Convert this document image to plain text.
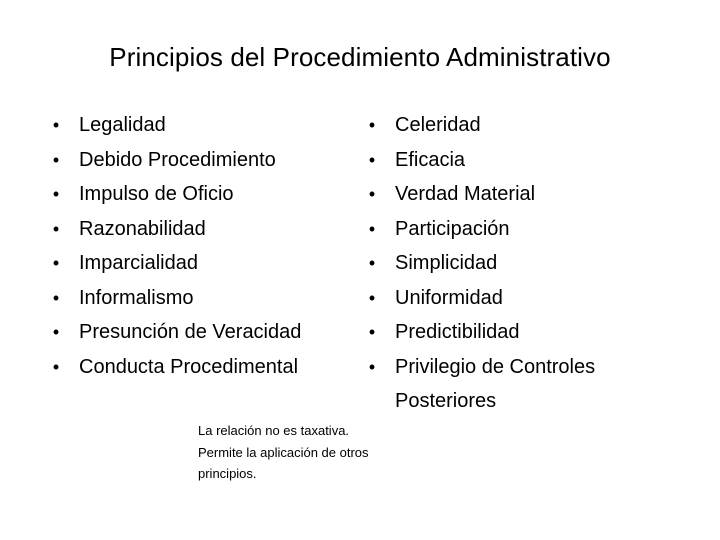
Principios del Procedimiento Administrativo
• Legalidad
• Debido Procedimiento
• Impulso de Oficio
• Razonabilidad
• Imparcialidad
• Informalismo
• Presunción de Veracidad
• Conducta Procedimental
• Celeridad
• Eficacia
• Verdad Material
• Participación
• Simplicidad
• Uniformidad
• Predictibilidad
• Privilegio de Controles Posteriores
La relación no es taxativa.
Permite la aplicación de otros
principios.
